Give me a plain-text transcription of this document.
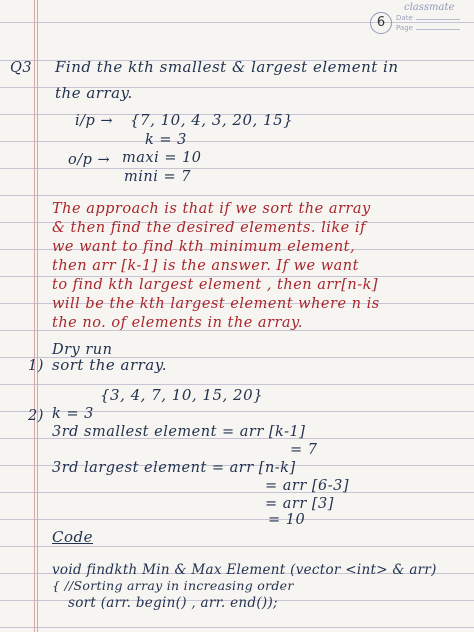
classmate
6	Date
Page
Q3 Find the kth smallest & largest element in
the array.
i/p → {7, 10, 4, 3, 20, 15}
k = 3
o/p → maxi = 10
mini = 7
The approach is that if we sort the array
& then find the desired elements. like if
we want to find kth minimum element,
then arr [k-1] is the answer. If we want
to find kth largest element , then arr[n-k]
will be the kth largest element where n is
the no. of elements in the array.
Dry run
1) sort the array.
{3, 4, 7, 10, 15, 20}
2) k = 3
3rd smallest element = arr [k-1]
= 7
3rd largest element = arr [n-k]
= arr [6-3]
= arr [3]
= 10
Code
void findkth Min & Max Element (vector <int> & arr)
{ //Sorting array in increasing order
sort (arr. begin() , arr. end());
